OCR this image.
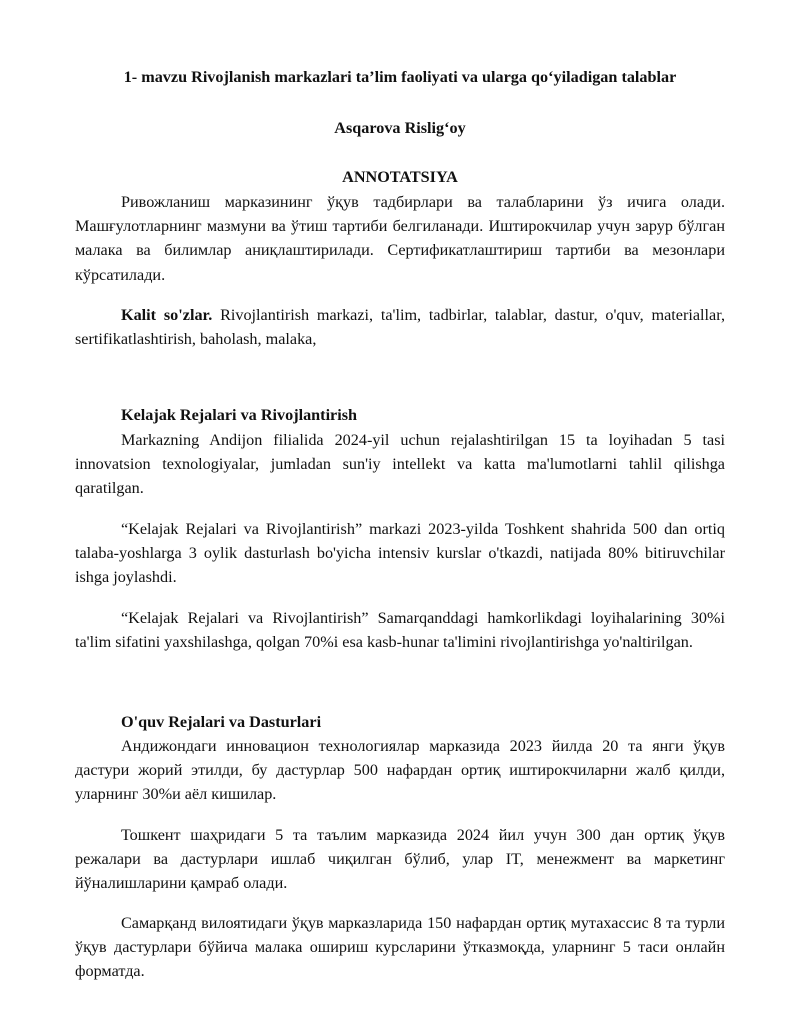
1- mavzu Rivojlanish markazlari ta’lim faoliyati va ularga qo‘yiladigan talablar
Asqarova Rislig‘oy
ANNOTATSIYA

Ривожланиш марказининг ўқув тадбирлари ва талабларини ўз ичига олади. Машғулотларнинг мазмуни ва ўтиш тартиби белгиланади. Иштирокчилар учун зарур бўлган малака ва билимлар аниқлаштирилади. Сертификатлаштириш тартиби ва мезонлари кўрсатилади.

Kalit so'zlar. Rivojlantirish markazi, ta'lim, tadbirlar, talablar, dastur, o'quv, materiallar, sertifikatlashtirish, baholash, malaka,

Kelajak Rejalari va Rivojlantirish

Markazning Andijon filialida 2024-yil uchun rejalashtirilgan 15 ta loyihadan 5 tasi innovatsion texnologiyalar, jumladan sun'iy intellekt va katta ma'lumotlarni tahlil qilishga qaratilgan.

“Kelajak Rejalari va Rivojlantirish” markazi 2023-yilda Toshkent shahrida 500 dan ortiq talaba-yoshlarga 3 oylik dasturlash bo'yicha intensiv kurslar o'tkazdi, natijada 80% bitiruvchilar ishga joylashdi.

“Kelajak Rejalari va Rivojlantirish” Samarqanddagi hamkorlikdagi loyihalarining 30%i ta'lim sifatini yaxshilashga, qolgan 70%i esa kasb-hunar ta'limini rivojlantirishga yo'naltirilgan.

O'quv Rejalari va Dasturlari

Андижондаги инновацион технологиялар марказида 2023 йилда 20 та янги ўқув дастури жорий этилди, бу дастурлар 500 нафардан ортиқ иштирокчиларни жалб қилди, уларнинг 30%и аёл кишилар.

Тошкент шаҳридаги 5 та таълим марказида 2024 йил учун 300 дан ортиқ ўқув режалари ва дастурлари ишлаб чиқилган бўлиб, улар IT, менежмент ва маркетинг йўналишларини қамраб олади.

Самарқанд вилоятидаги ўқув марказларида 150 нафардан ортиқ мутахассис 8 та турли ўқув дастурлари бўйича малака ошириш курсларини ўтказмоқда, уларнинг 5 таси онлайн форматда.
